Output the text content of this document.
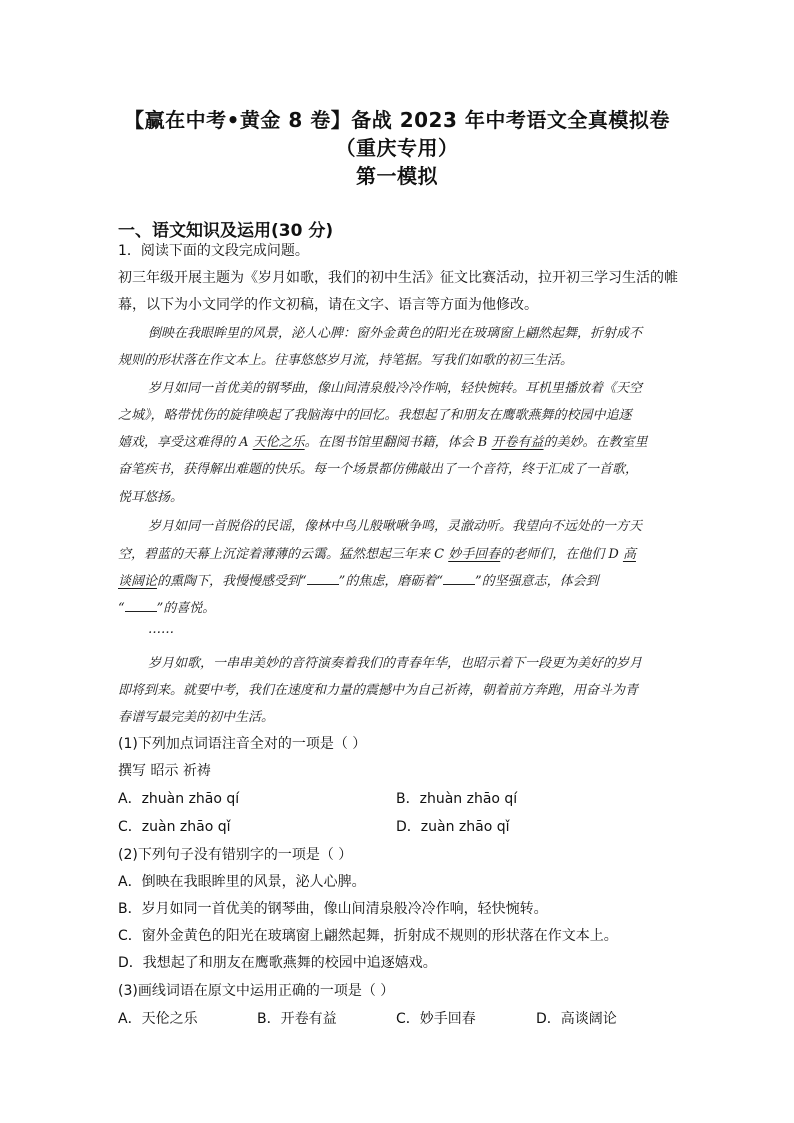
【赢在中考•黄金 8 卷】备战 2023 年中考语文全真模拟卷
（重庆专用）
第一模拟
一、语文知识及运用(30 分)
1．阅读下面的文段完成问题。
初三年级开展主题为《岁月如歌，我们的初中生活》征文比赛活动，拉开初三学习生活的帷
幕，以下为小文同学的作文初稿，请在文字、语言等方面为他修改。
倒映在我眼眸里的风景，泌人心脾：窗外金黄色的阳光在玻璃窗上翩然起舞，折射成不
规则的形状落在作文本上。往事悠悠岁月流，持笔据。写我们如歌的初三生活。
岁月如同一首优美的钢琴曲，像山间清泉般冷冷作响，轻快惋转。耳机里播放着《天空
之城》，略带忧伤的旋律唤起了我脑海中的回忆。我想起了和朋友在鹰歌燕舞的校园中追逐
嬉戏，享受这难得的 A 天伦之乐。在图书馆里翻阅书籍，体会 B 开卷有益的美妙。在教室里
奋笔疾书，获得解出难题的快乐。每一个场景都仿佛敲出了一个音符，终于汇成了一首歌，
悦耳悠扬。
岁月如同一首脱俗的民谣，像林中鸟儿般啾啾争鸣，灵澈动听。我望向不远处的一方天
空，碧蓝的天幕上沉淀着薄薄的云霭。猛然想起三年来 C 妙手回春的老师们，在他们 D 高
谈阔论的熏陶下，我慢慢感受到“ ”的焦虑，磨砺着“ ”的坚强意志，体会到
“ ”的喜悦。
……
岁月如歌，一串串美妙的音符演奏着我们的青春年华，也昭示着下一段更为美好的岁月
即将到来。就要中考，我们在速度和力量的震撼中为自己祈祷，朝着前方奔跑，用奋斗为青
春谱写最完美的初中生活。
(1)下列加点词语注音全对的一项是（ ）
撰写 昭示 祈祷
A．zhuàn zhāo qí	B．zhuàn zhāo qí
C．zuàn zhāo qǐ	D．zuàn zhāo qǐ
(2)下列句子没有错别字的一项是（ ）
A．倒映在我眼眸里的风景，泌人心脾。
B．岁月如同一首优美的钢琴曲，像山间清泉般冷冷作响，轻快惋转。
C．窗外金黄色的阳光在玻璃窗上翩然起舞，折射成不规则的形状落在作文本上。
D．我想起了和朋友在鹰歌燕舞的校园中追逐嬉戏。
(3)画线词语在原文中运用正确的一项是（ ）
A．天伦之乐	B．开卷有益	C．妙手回春	D．高谈阔论
